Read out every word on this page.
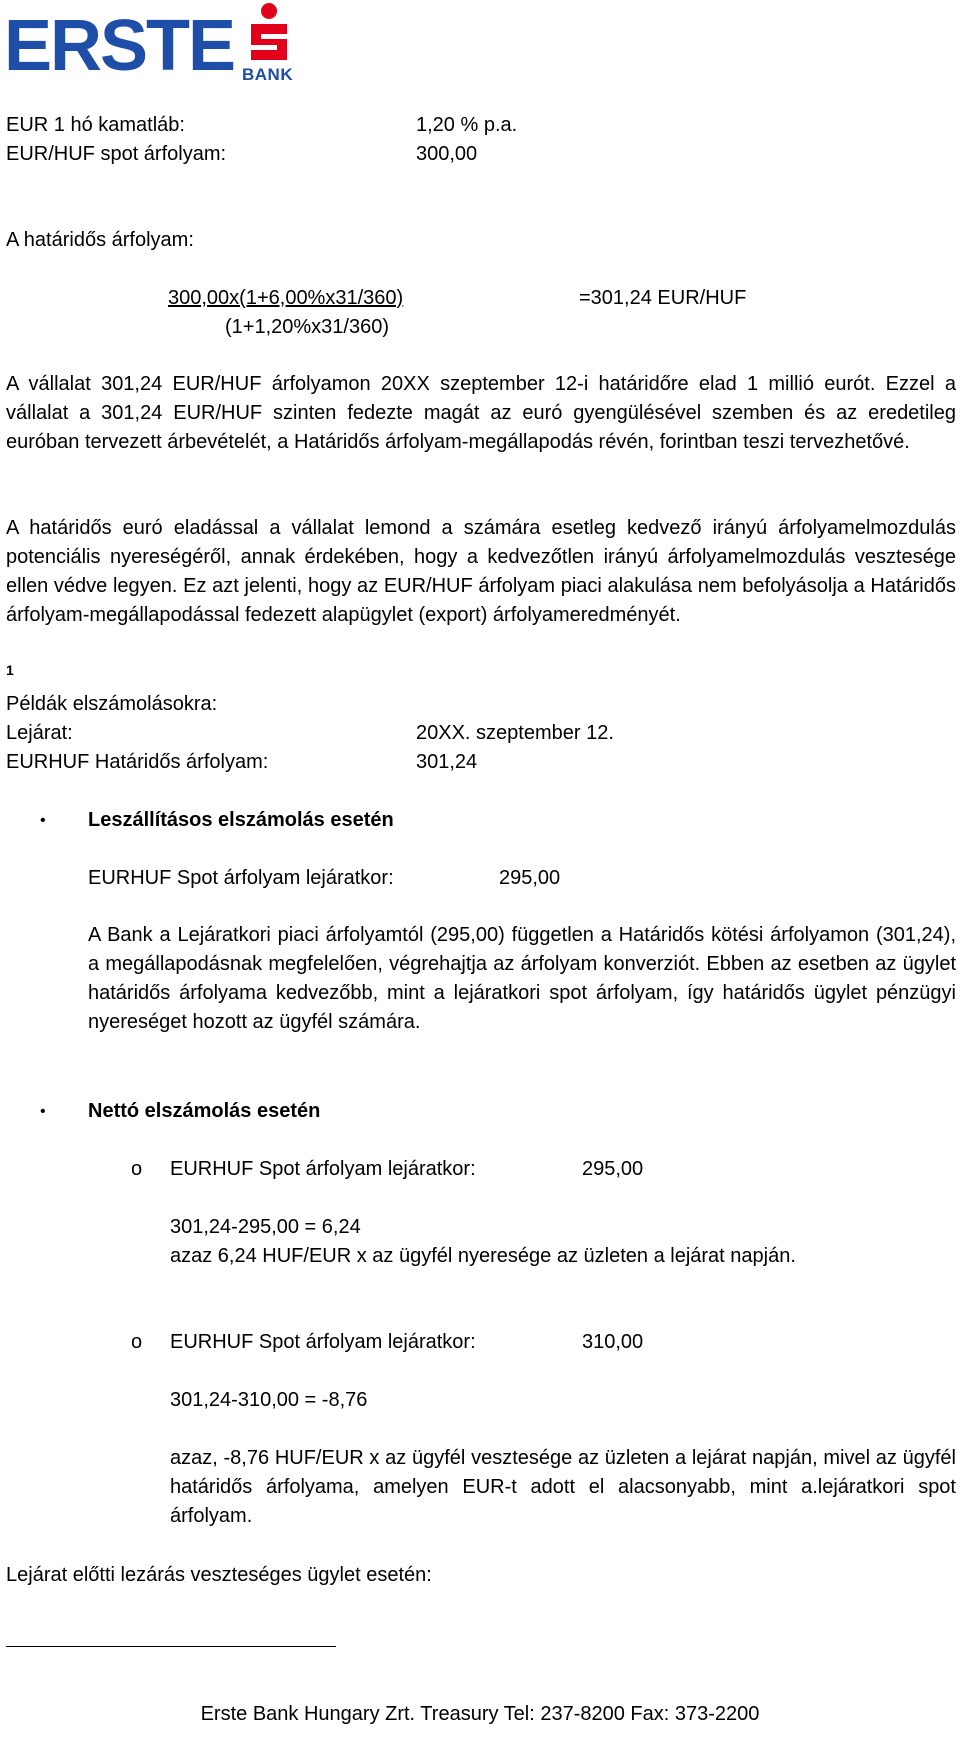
ERSTE BANK
EUR 1 hó kamatláb:	1,20 % p.a.
EUR/HUF spot árfolyam:	300,00
A határidős árfolyam:
300,00x(1+6,00%x31/360)	=301,24 EUR/HUF
(1+1,20%x31/360)
A vállalat 301,24 EUR/HUF árfolyamon 20XX szeptember 12-i határidőre elad 1 millió eurót. Ezzel a vállalat a 301,24 EUR/HUF szinten fedezte magát az euró gyengülésével szemben és az eredetileg euróban tervezett árbevételét, a Határidős árfolyam-megállapodás révén, forintban teszi tervezhetővé.
A határidős euró eladással a vállalat lemond a számára esetleg kedvező irányú árfolyamelmozdulás potenciális nyereségéről, annak érdekében, hogy a kedvezőtlen irányú árfolyamelmozdulás vesztesége ellen védve legyen. Ez azt jelenti, hogy az EUR/HUF árfolyam piaci alakulása nem befolyásolja a Határidős árfolyam-megállapodással fedezett alapügylet (export) árfolyameredményét.
1
Példák elszámolásokra:
Lejárat:	20XX. szeptember 12.
EURHUF Határidős árfolyam:	301,24
• Leszállításos elszámolás esetén
EURHUF Spot árfolyam lejáratkor:	295,00
A Bank a Lejáratkori piaci árfolyamtól (295,00) független a Határidős kötési árfolyamon (301,24), a megállapodásnak megfelelően, végrehajtja az árfolyam konverziót. Ebben az esetben az ügylet határidős árfolyama kedvezőbb, mint a lejáratkori spot árfolyam, így határidős ügylet pénzügyi nyereséget hozott az ügyfél számára.
• Nettó elszámolás esetén
o EURHUF Spot árfolyam lejáratkor:	295,00
301,24-295,00 = 6,24
azaz 6,24 HUF/EUR x az ügyfél nyeresége az üzleten a lejárat napján.
o EURHUF Spot árfolyam lejáratkor:	310,00
301,24-310,00 = -8,76
azaz, -8,76 HUF/EUR x az ügyfél vesztesége az üzleten a lejárat napján, mivel az ügyfél határidős árfolyama, amelyen EUR-t adott el alacsonyabb, mint a.lejáratkori spot árfolyam.
Lejárat előtti lezárás veszteséges ügylet esetén:
Erste Bank Hungary Zrt. Treasury Tel: 237-8200 Fax: 373-2200
